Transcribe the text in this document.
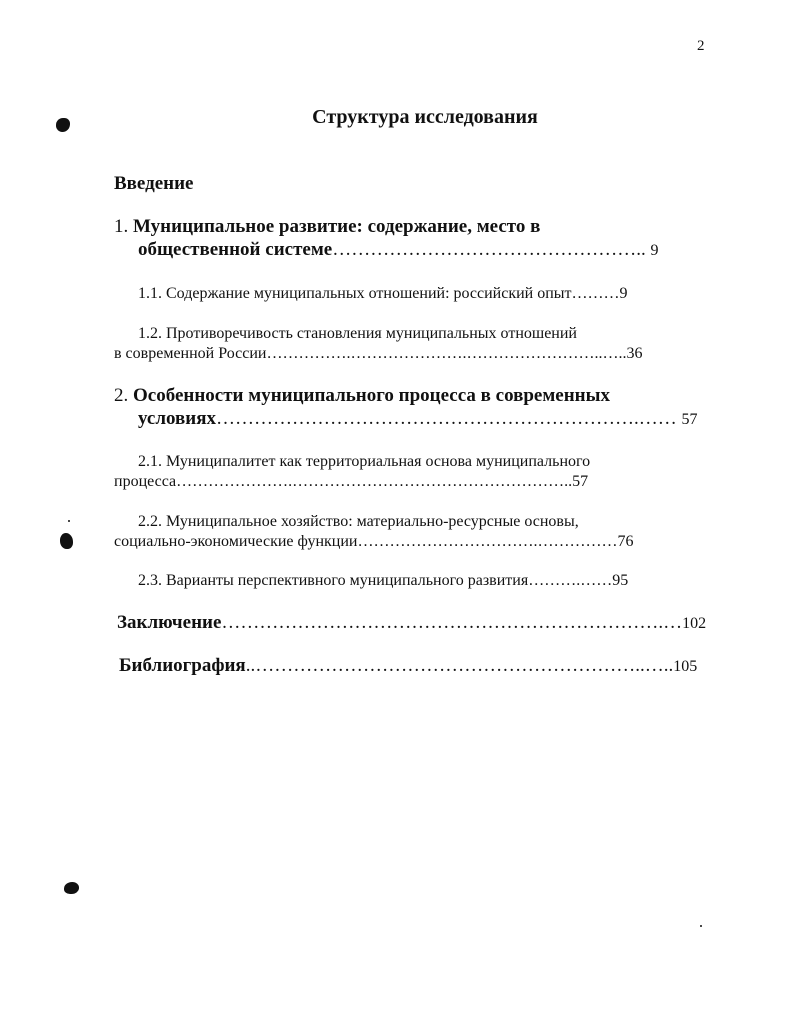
2
Структура исследования
Введение
1. Муниципальное развитие: содержание, место в
общественной системе………………………………………….. 9
1.1. Содержание муниципальных отношений: российский опыт………9
1.2. Противоречивость становления муниципальных отношений
в современной России…………….………………….……………………..…..36
2. Особенности муниципального процесса в современных
условиях………………………………………………………….…… 57
2.1. Муниципалитет как территориальная основа муниципального
процесса………………….……………………………………………..57
2.2. Муниципальное хозяйство: материально-ресурсные основы,
социально-экономические функции…………………………….……………76
2.3. Варианты перспективного муниципального развития……….……95
Заключение…………………………………………………………….…102
Библиография..……………………………………………………..…..105
